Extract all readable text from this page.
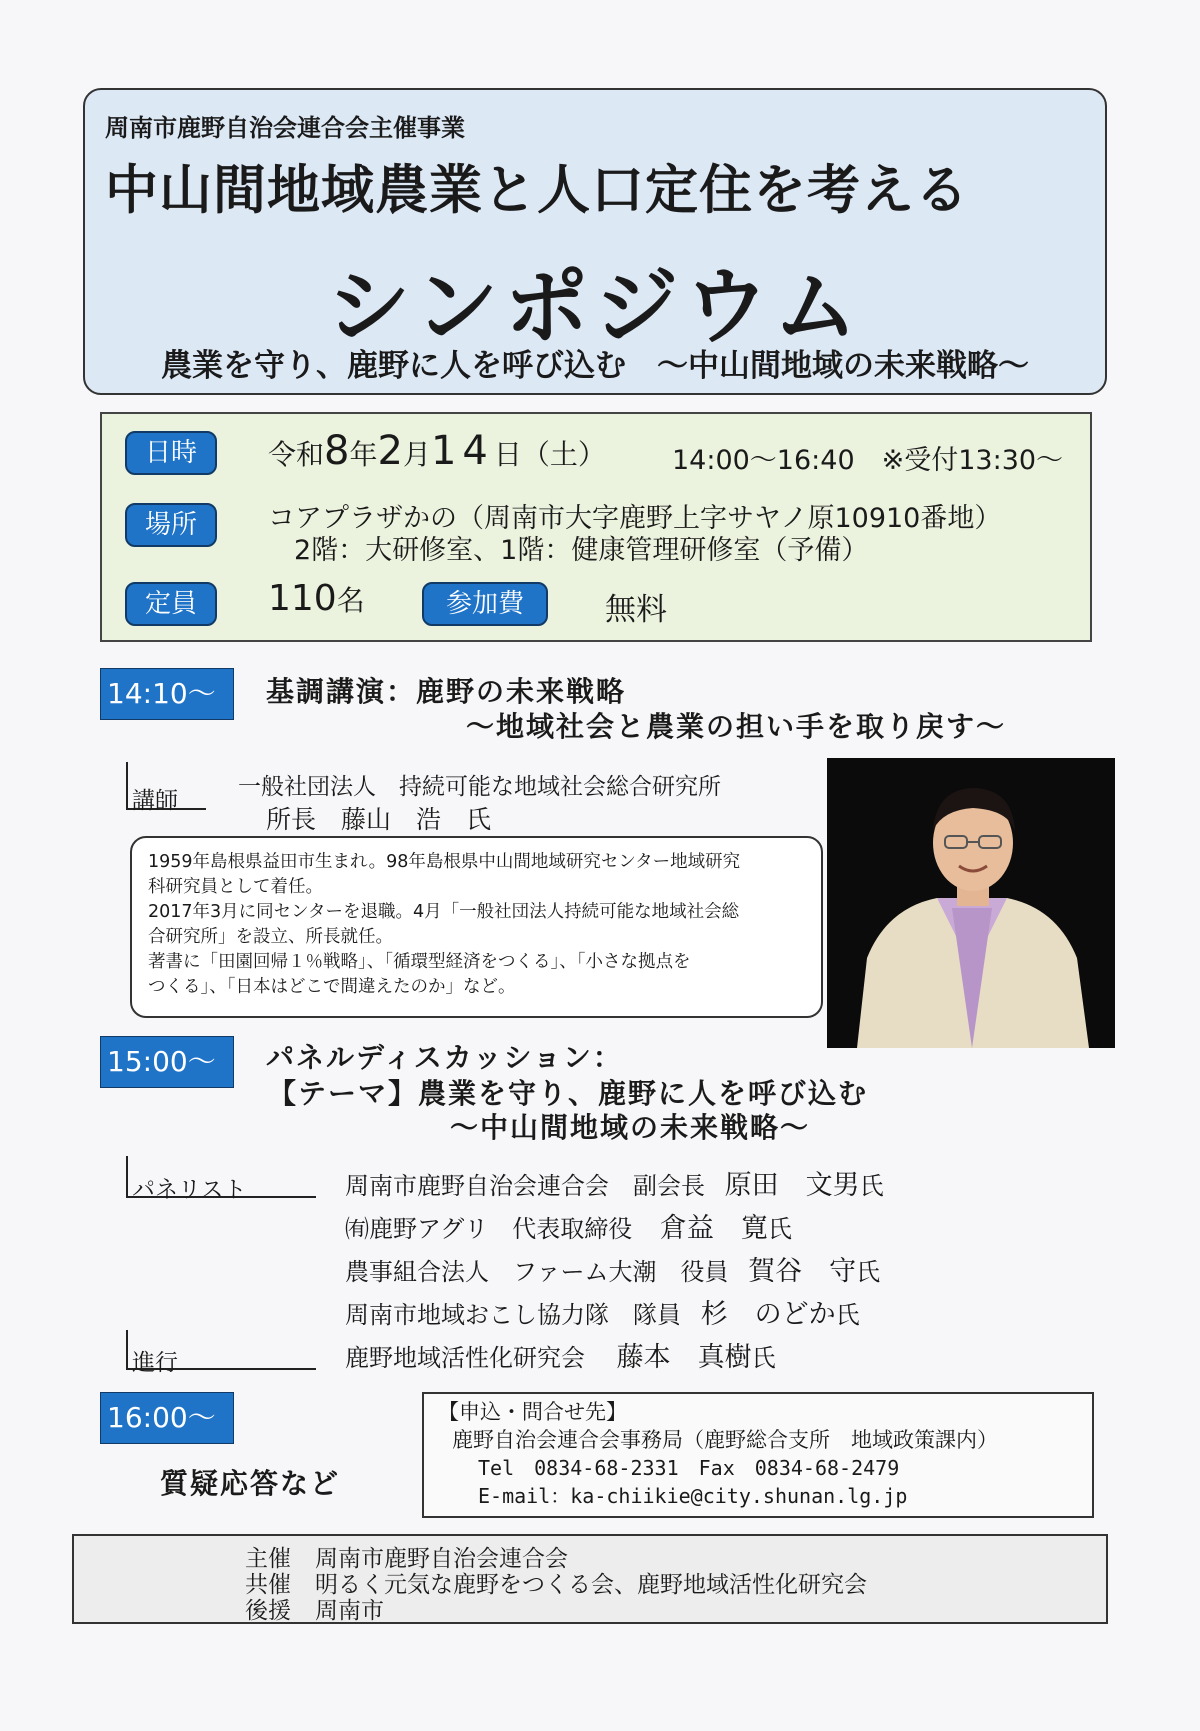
周南市鹿野自治会連合会主催事業
中山間地域農業と人口定住を考える
シンポジウム
農業を守り、鹿野に人を呼び込む　～中山間地域の未来戦略～
日時	令和8年2月14日（土） 14:00～16:40　※受付13:30～
場所	コアプラザかの（周南市大字鹿野上字サヤノ原10910番地）
2階：大研修室、1階：健康管理研修室（予備）
定員	110名	参加費	無料
14:10～	基調講演：鹿野の未来戦略
～地域社会と農業の担い手を取り戻す～
講師
一般社団法人　持続可能な地域社会総合研究所
所長　藤山　浩　氏
1959年島根県益田市生まれ。98年島根県中山間地域研究センター地域研究
科研究員として着任。
2017年3月に同センターを退職。4月「一般社団法人持続可能な地域社会総
合研究所」を設立、所長就任。
著書に「田園回帰１％戦略」、「循環型経済をつくる」、「小さな拠点を
つくる」、「日本はどこで間違えたのか」など。
15:00～	パネルディスカッション：
【テーマ】農業を守り、鹿野に人を呼び込む
～中山間地域の未来戦略～
パネリスト	周南市鹿野自治会連合会　副会長 原田　文男氏
㈲鹿野アグリ　代表取締役 倉益　寛氏
農事組合法人　ファーム大潮　役員 賀谷　守氏
周南市地域おこし協力隊　隊員 杉　のどか氏
進行	鹿野地域活性化研究会 藤本　真樹氏
16:00～
質疑応答など
【申込・問合せ先】
鹿野自治会連合会事務局（鹿野総合支所　地域政策課内）
Tel　0834-68-2331　Fax　0834-68-2479
E-mail：ka-chiikie@city.shunan.lg.jp
主催 周南市鹿野自治会連合会
共催 明るく元気な鹿野をつくる会、鹿野地域活性化研究会
後援 周南市
